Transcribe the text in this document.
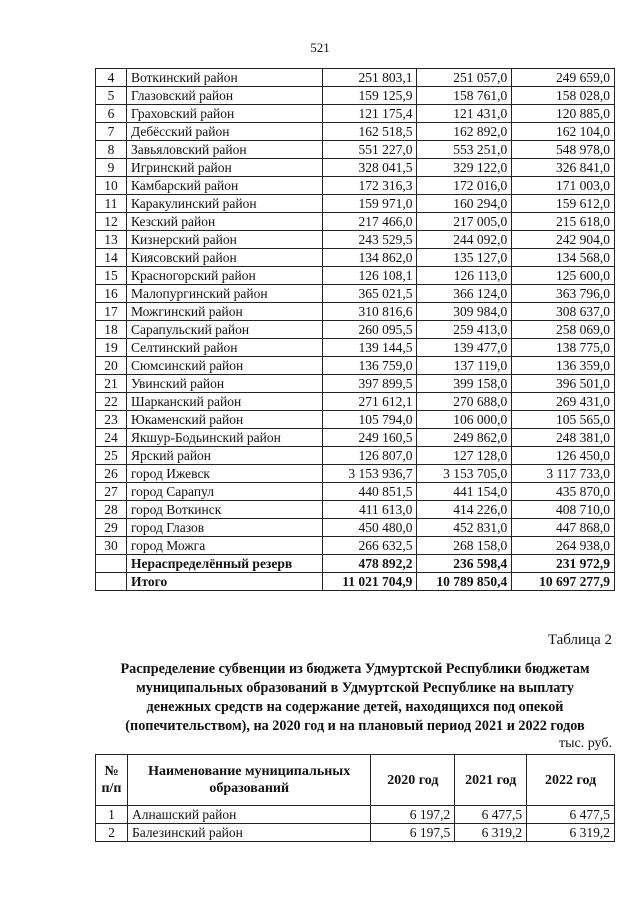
521
4	Воткинский район	251 803,1	251 057,0	249 659,0
5	Глазовский район	159 125,9	158 761,0	158 028,0
6	Граховский район	121 175,4	121 431,0	120 885,0
7	Дебёсский район	162 518,5	162 892,0	162 104,0
8	Завьяловский район	551 227,0	553 251,0	548 978,0
9	Игринский район	328 041,5	329 122,0	326 841,0
10	Камбарский район	172 316,3	172 016,0	171 003,0
11	Каракулинский район	159 971,0	160 294,0	159 612,0
12	Кезский район	217 466,0	217 005,0	215 618,0
13	Кизнерский район	243 529,5	244 092,0	242 904,0
14	Киясовский район	134 862,0	135 127,0	134 568,0
15	Красногорский район	126 108,1	126 113,0	125 600,0
16	Малопургинский район	365 021,5	366 124,0	363 796,0
17	Можгинский район	310 816,6	309 984,0	308 637,0
18	Сарапульский район	260 095,5	259 413,0	258 069,0
19	Селтинский район	139 144,5	139 477,0	138 775,0
20	Сюмсинский район	136 759,0	137 119,0	136 359,0
21	Увинский район	397 899,5	399 158,0	396 501,0
22	Шарканский район	271 612,1	270 688,0	269 431,0
23	Юкаменский район	105 794,0	106 000,0	105 565,0
24	Якшур-Бодьинский район	249 160,5	249 862,0	248 381,0
25	Ярский район	126 807,0	127 128,0	126 450,0
26	город Ижевск	3 153 936,7	3 153 705,0	3 117 733,0
27	город Сарапул	440 851,5	441 154,0	435 870,0
28	город Воткинск	411 613,0	414 226,0	408 710,0
29	город Глазов	450 480,0	452 831,0	447 868,0
30	город Можга	266 632,5	268 158,0	264 938,0
	Нераспределённый резерв	478 892,2	236 598,4	231 972,9
	Итого	11 021 704,9	10 789 850,4	10 697 277,9
Таблица 2
Распределение субвенции из бюджета Удмуртской Республики бюджетам
муниципальных образований в Удмуртской Республике на выплату
денежных средств на содержание детей, находящихся под опекой
(попечительством), на 2020 год и на плановый период 2021 и 2022 годов
тыс. руб.
№ п/п	Наименование муниципальных образований	2020 год	2021 год	2022 год
1	Алнашский район	6 197,2	6 477,5	6 477,5
2	Балезинский район	6 197,5	6 319,2	6 319,2
